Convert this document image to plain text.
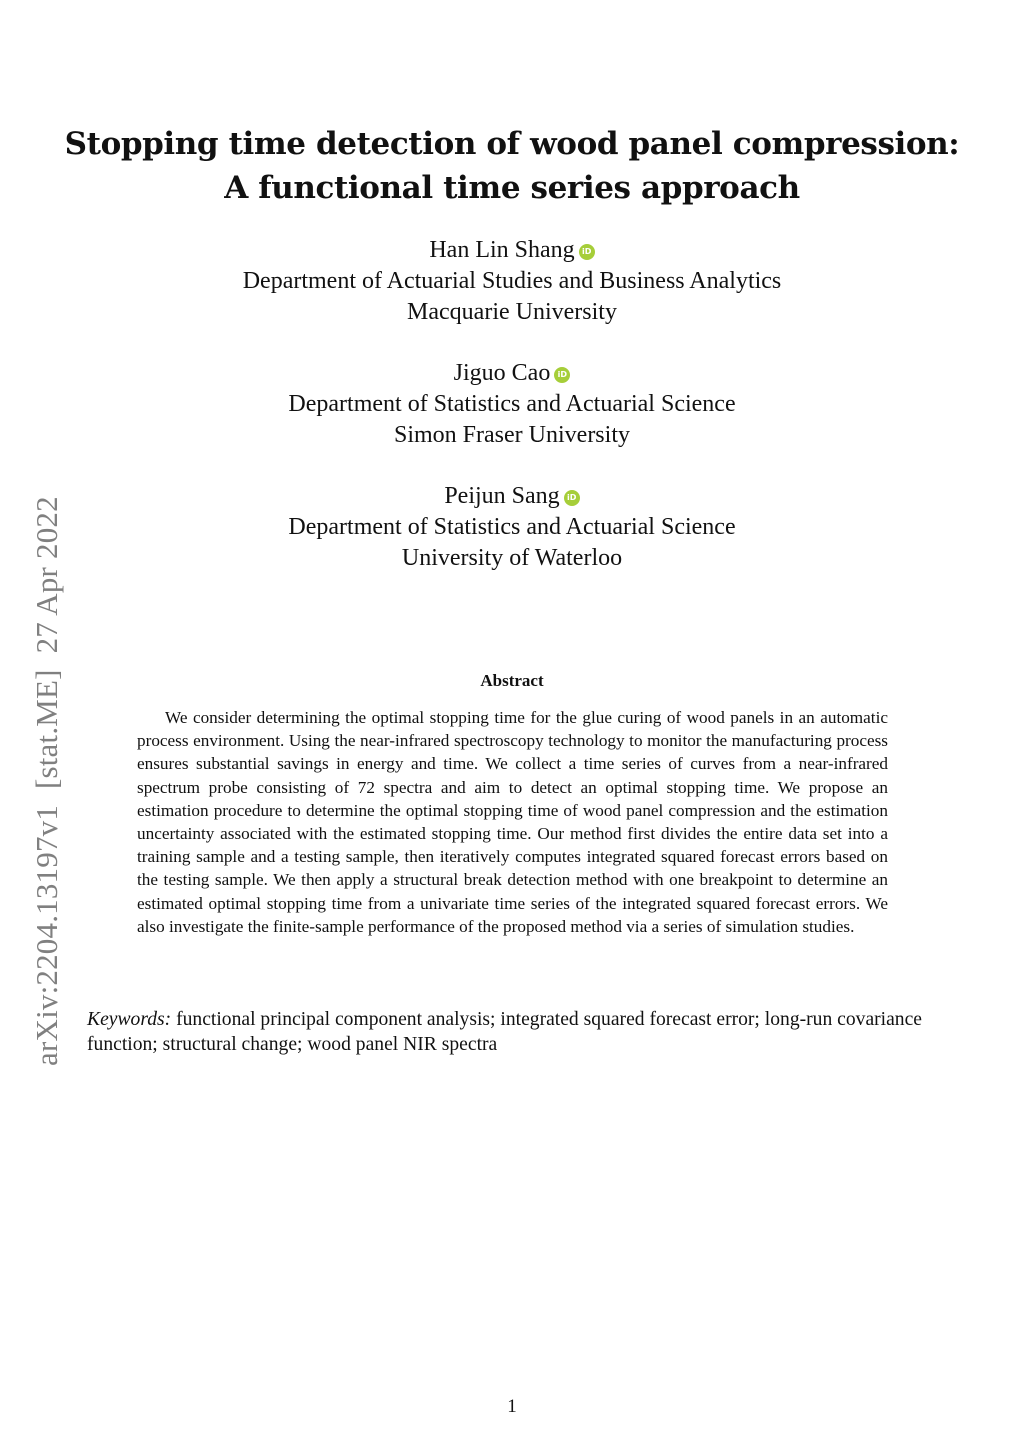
arXiv:2204.13197v1  [stat.ME]  27 Apr 2022
Stopping time detection of wood panel compression:
A functional time series approach
Han Lin Shang iD
Department of Actuarial Studies and Business Analytics
Macquarie University
Jiguo Cao iD
Department of Statistics and Actuarial Science
Simon Fraser University
Peijun Sang iD
Department of Statistics and Actuarial Science
University of Waterloo
Abstract

We consider determining the optimal stopping time for the glue curing of wood panels in an automatic process environment. Using the near-infrared spectroscopy technology to monitor the manufacturing process ensures substantial savings in energy and time. We collect a time series of curves from a near-infrared spectrum probe consisting of 72 spectra and aim to detect an optimal stopping time. We propose an estimation procedure to determine the optimal stopping time of wood panel compression and the estimation uncertainty associated with the estimated stopping time. Our method first divides the entire data set into a training sample and a testing sample, then iteratively computes integrated squared forecast errors based on the testing sample. We then apply a structural break detection method with one breakpoint to determine an estimated optimal stopping time from a univariate time series of the integrated squared forecast errors. We also investigate the finite-sample performance of the proposed method via a series of simulation studies.

Keywords: functional principal component analysis; integrated squared forecast error; long-run covariance function; structural change; wood panel NIR spectra

1
